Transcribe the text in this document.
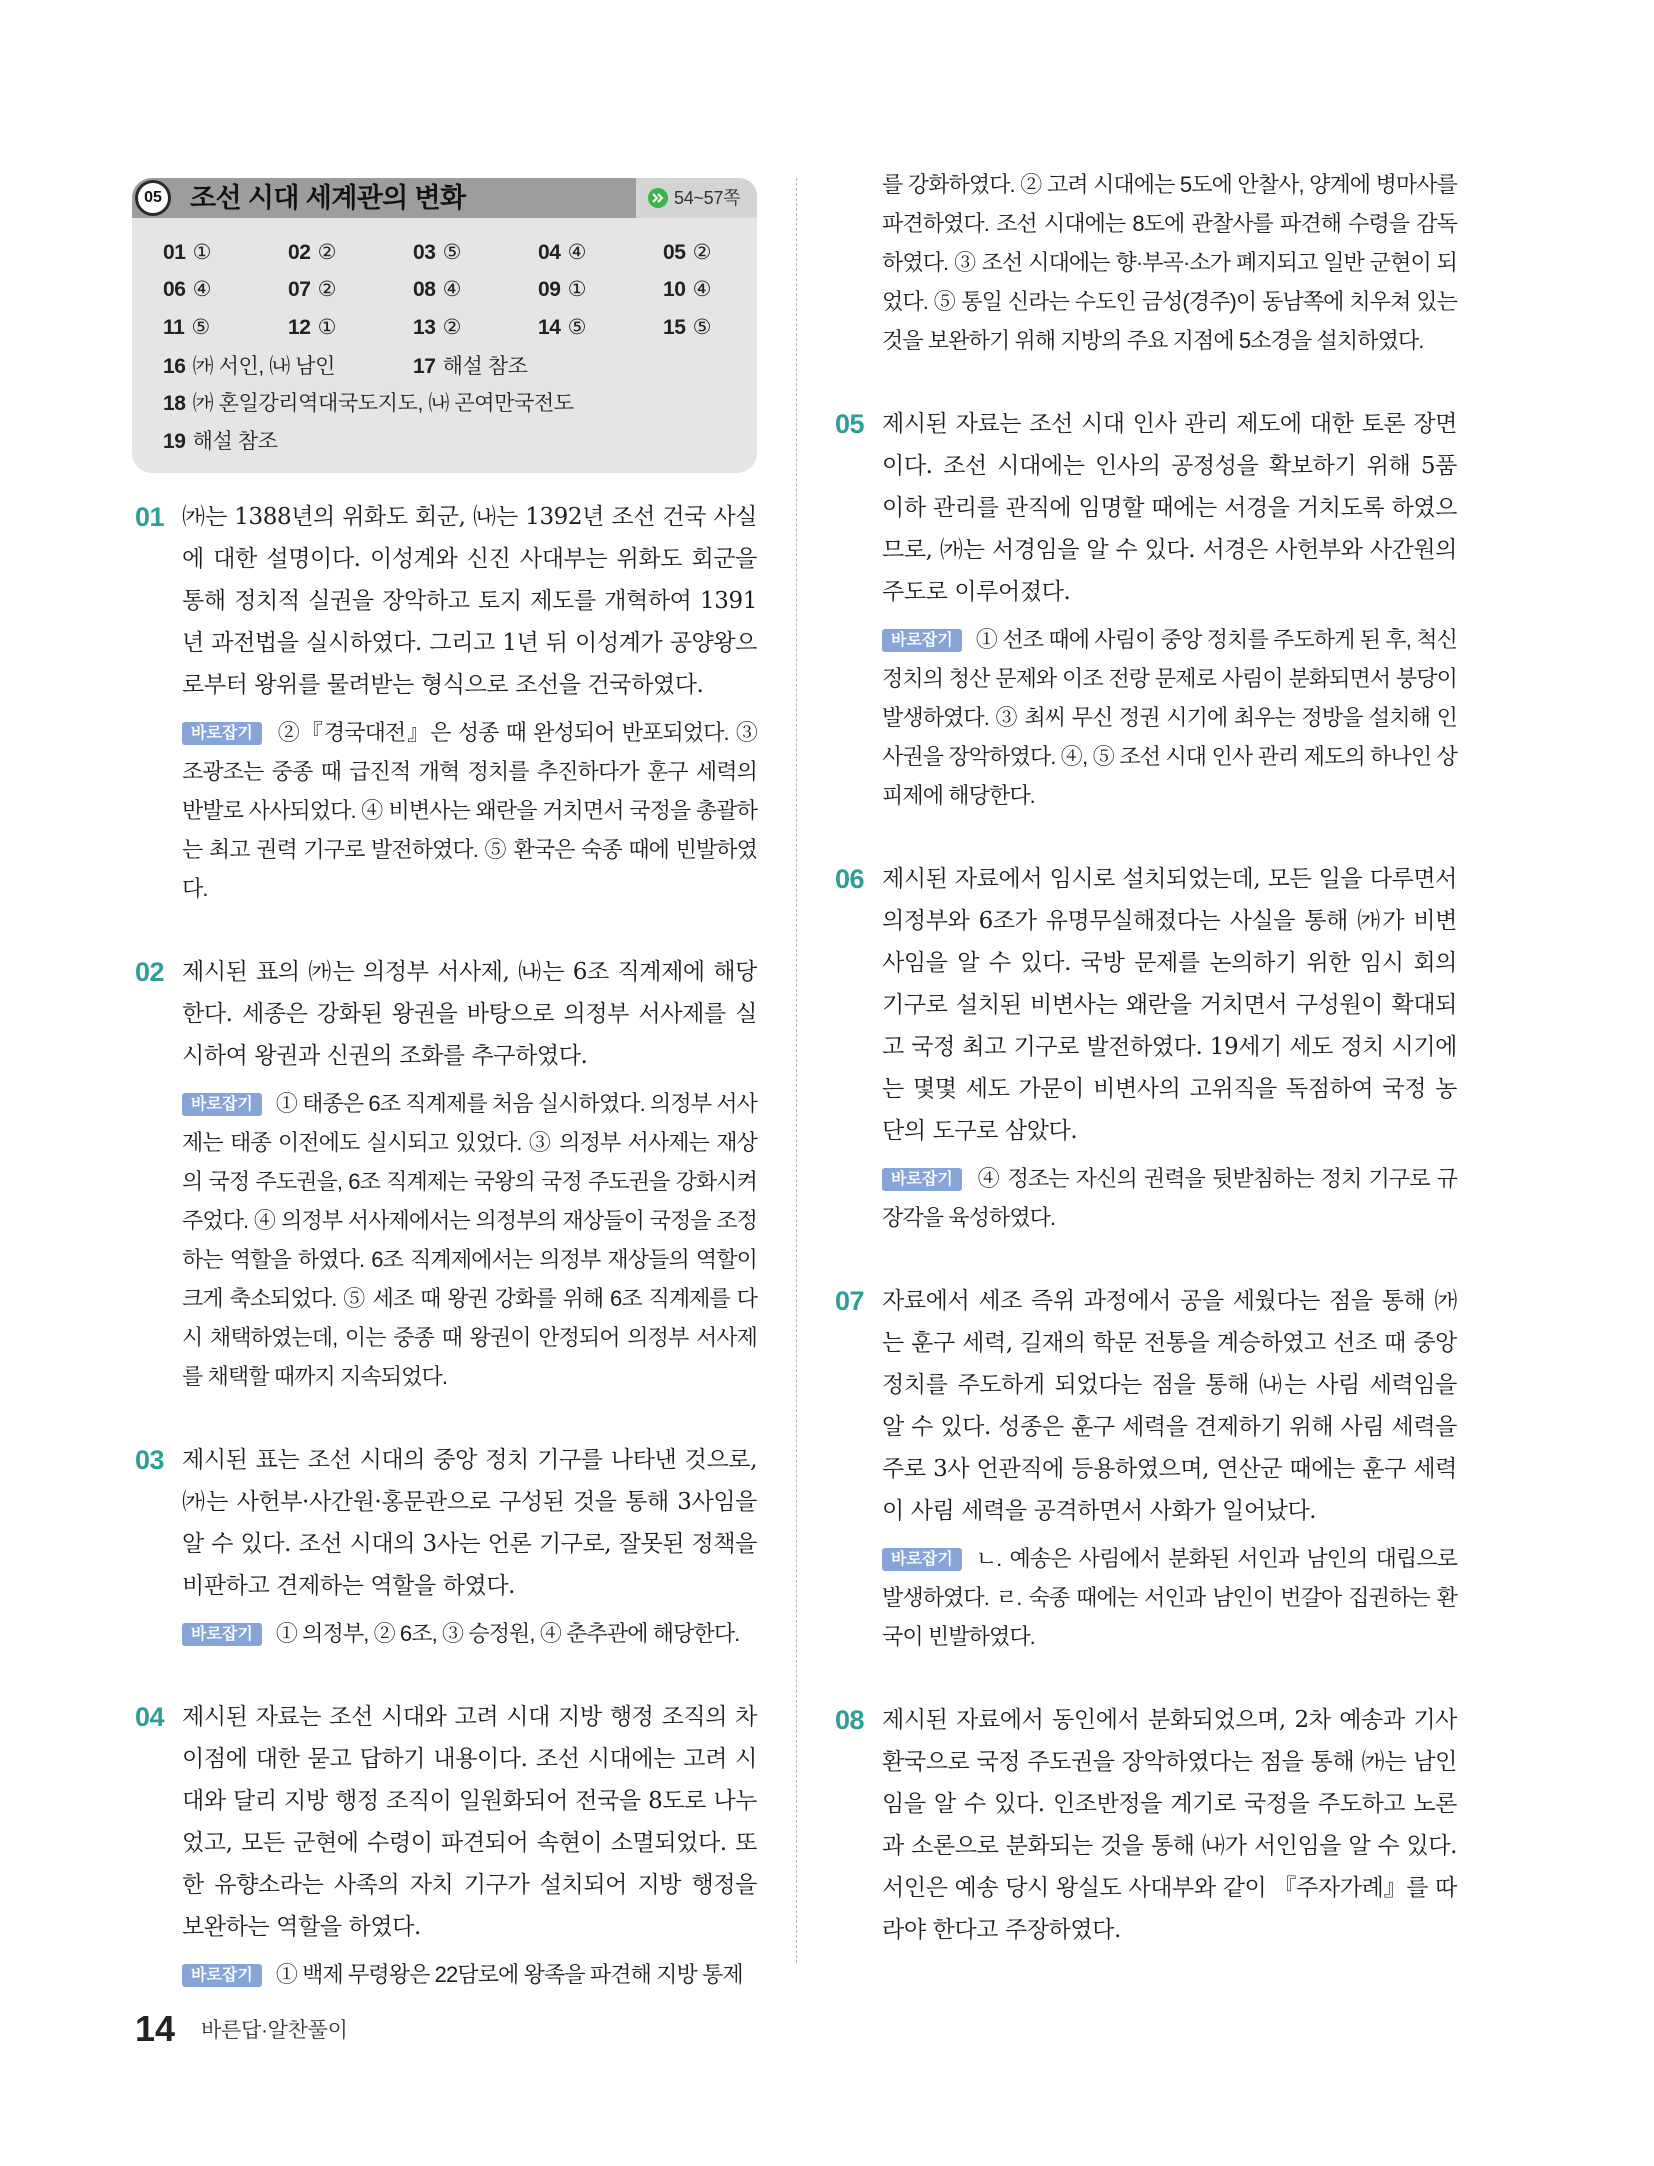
54~57쪽
05	조선 시대 세계관의 변화
01 ①	02 ②	03 ⑤	04 ④	05 ②
06 ④	07 ②	08 ④	09 ①	10 ④
11 ⑤	12 ①	13 ②	14 ⑤	15 ⑤
16 ㈎ 서인, ㈏ 남인	17 해설 참조
18 ㈎ 혼일강리역대국도지도, ㈏ 곤여만국전도
19 해설 참조
01 ㈎는 1388년의 위화도 회군, ㈏는 1392년 조선 건국 사실에 대한 설명이다. 이성계와 신진 사대부는 위화도 회군을 통해 정치적 실권을 장악하고 토지 제도를 개혁하여 1391년 과전법을 실시하였다. 그리고 1년 뒤 이성계가 공양왕으로부터 왕위를 물려받는 형식으로 조선을 건국하였다.

바로잡기 ②『경국대전』은 성종 때 완성되어 반포되었다. ③ 조광조는 중종 때 급진적 개혁 정치를 추진하다가 훈구 세력의 반발로 사사되었다. ④ 비변사는 왜란을 거치면서 국정을 총괄하는 최고 권력 기구로 발전하였다. ⑤ 환국은 숙종 때에 빈발하였다.

02 제시된 표의 ㈎는 의정부 서사제, ㈏는 6조 직계제에 해당한다. 세종은 강화된 왕권을 바탕으로 의정부 서사제를 실시하여 왕권과 신권의 조화를 추구하였다.

바로잡기 ① 태종은 6조 직계제를 처음 실시하였다. 의정부 서사제는 태종 이전에도 실시되고 있었다. ③ 의정부 서사제는 재상의 국정 주도권을, 6조 직계제는 국왕의 국정 주도권을 강화시켜 주었다. ④ 의정부 서사제에서는 의정부의 재상들이 국정을 조정하는 역할을 하였다. 6조 직계제에서는 의정부 재상들의 역할이 크게 축소되었다. ⑤ 세조 때 왕권 강화를 위해 6조 직계제를 다시 채택하였는데, 이는 중종 때 왕권이 안정되어 의정부 서사제를 채택할 때까지 지속되었다.

03 제시된 표는 조선 시대의 중앙 정치 기구를 나타낸 것으로, ㈎는 사헌부·사간원·홍문관으로 구성된 것을 통해 3사임을 알 수 있다. 조선 시대의 3사는 언론 기구로, 잘못된 정책을 비판하고 견제하는 역할을 하였다.

바로잡기 ① 의정부, ② 6조, ③ 승정원, ④ 춘추관에 해당한다.

04 제시된 자료는 조선 시대와 고려 시대 지방 행정 조직의 차이점에 대한 묻고 답하기 내용이다. 조선 시대에는 고려 시대와 달리 지방 행정 조직이 일원화되어 전국을 8도로 나누었고, 모든 군현에 수령이 파견되어 속현이 소멸되었다. 또한 유향소라는 사족의 자치 기구가 설치되어 지방 행정을 보완하는 역할을 하였다.

바로잡기 ① 백제 무령왕은 22담로에 왕족을 파견해 지방 통제

를 강화하였다. ② 고려 시대에는 5도에 안찰사, 양계에 병마사를 파견하였다. 조선 시대에는 8도에 관찰사를 파견해 수령을 감독하였다. ③ 조선 시대에는 향·부곡·소가 폐지되고 일반 군현이 되었다. ⑤ 통일 신라는 수도인 금성(경주)이 동남쪽에 치우쳐 있는 것을 보완하기 위해 지방의 주요 지점에 5소경을 설치하였다.

05 제시된 자료는 조선 시대 인사 관리 제도에 대한 토론 장면이다. 조선 시대에는 인사의 공정성을 확보하기 위해 5품 이하 관리를 관직에 임명할 때에는 서경을 거치도록 하였으므로, ㈎는 서경임을 알 수 있다. 서경은 사헌부와 사간원의 주도로 이루어졌다.

바로잡기 ① 선조 때에 사림이 중앙 정치를 주도하게 된 후, 척신 정치의 청산 문제와 이조 전랑 문제로 사림이 분화되면서 붕당이 발생하였다. ③ 최씨 무신 정권 시기에 최우는 정방을 설치해 인사권을 장악하였다. ④, ⑤ 조선 시대 인사 관리 제도의 하나인 상피제에 해당한다.

06 제시된 자료에서 임시로 설치되었는데, 모든 일을 다루면서 의정부와 6조가 유명무실해졌다는 사실을 통해 ㈎가 비변사임을 알 수 있다. 국방 문제를 논의하기 위한 임시 회의 기구로 설치된 비변사는 왜란을 거치면서 구성원이 확대되고 국정 최고 기구로 발전하였다. 19세기 세도 정치 시기에는 몇몇 세도 가문이 비변사의 고위직을 독점하여 국정 농단의 도구로 삼았다.

바로잡기 ④ 정조는 자신의 권력을 뒷받침하는 정치 기구로 규장각을 육성하였다.

07 자료에서 세조 즉위 과정에서 공을 세웠다는 점을 통해 ㈎는 훈구 세력, 길재의 학문 전통을 계승하였고 선조 때 중앙 정치를 주도하게 되었다는 점을 통해 ㈏는 사림 세력임을 알 수 있다. 성종은 훈구 세력을 견제하기 위해 사림 세력을 주로 3사 언관직에 등용하였으며, 연산군 때에는 훈구 세력이 사림 세력을 공격하면서 사화가 일어났다.

바로잡기 ㄴ. 예송은 사림에서 분화된 서인과 남인의 대립으로 발생하였다. ㄹ. 숙종 때에는 서인과 남인이 번갈아 집권하는 환국이 빈발하였다.

08 제시된 자료에서 동인에서 분화되었으며, 2차 예송과 기사환국으로 국정 주도권을 장악하였다는 점을 통해 ㈎는 남인임을 알 수 있다. 인조반정을 계기로 국정을 주도하고 노론과 소론으로 분화되는 것을 통해 ㈏가 서인임을 알 수 있다. 서인은 예송 당시 왕실도 사대부와 같이 『주자가례』를 따라야 한다고 주장하였다.

14 바른답·알찬풀이
